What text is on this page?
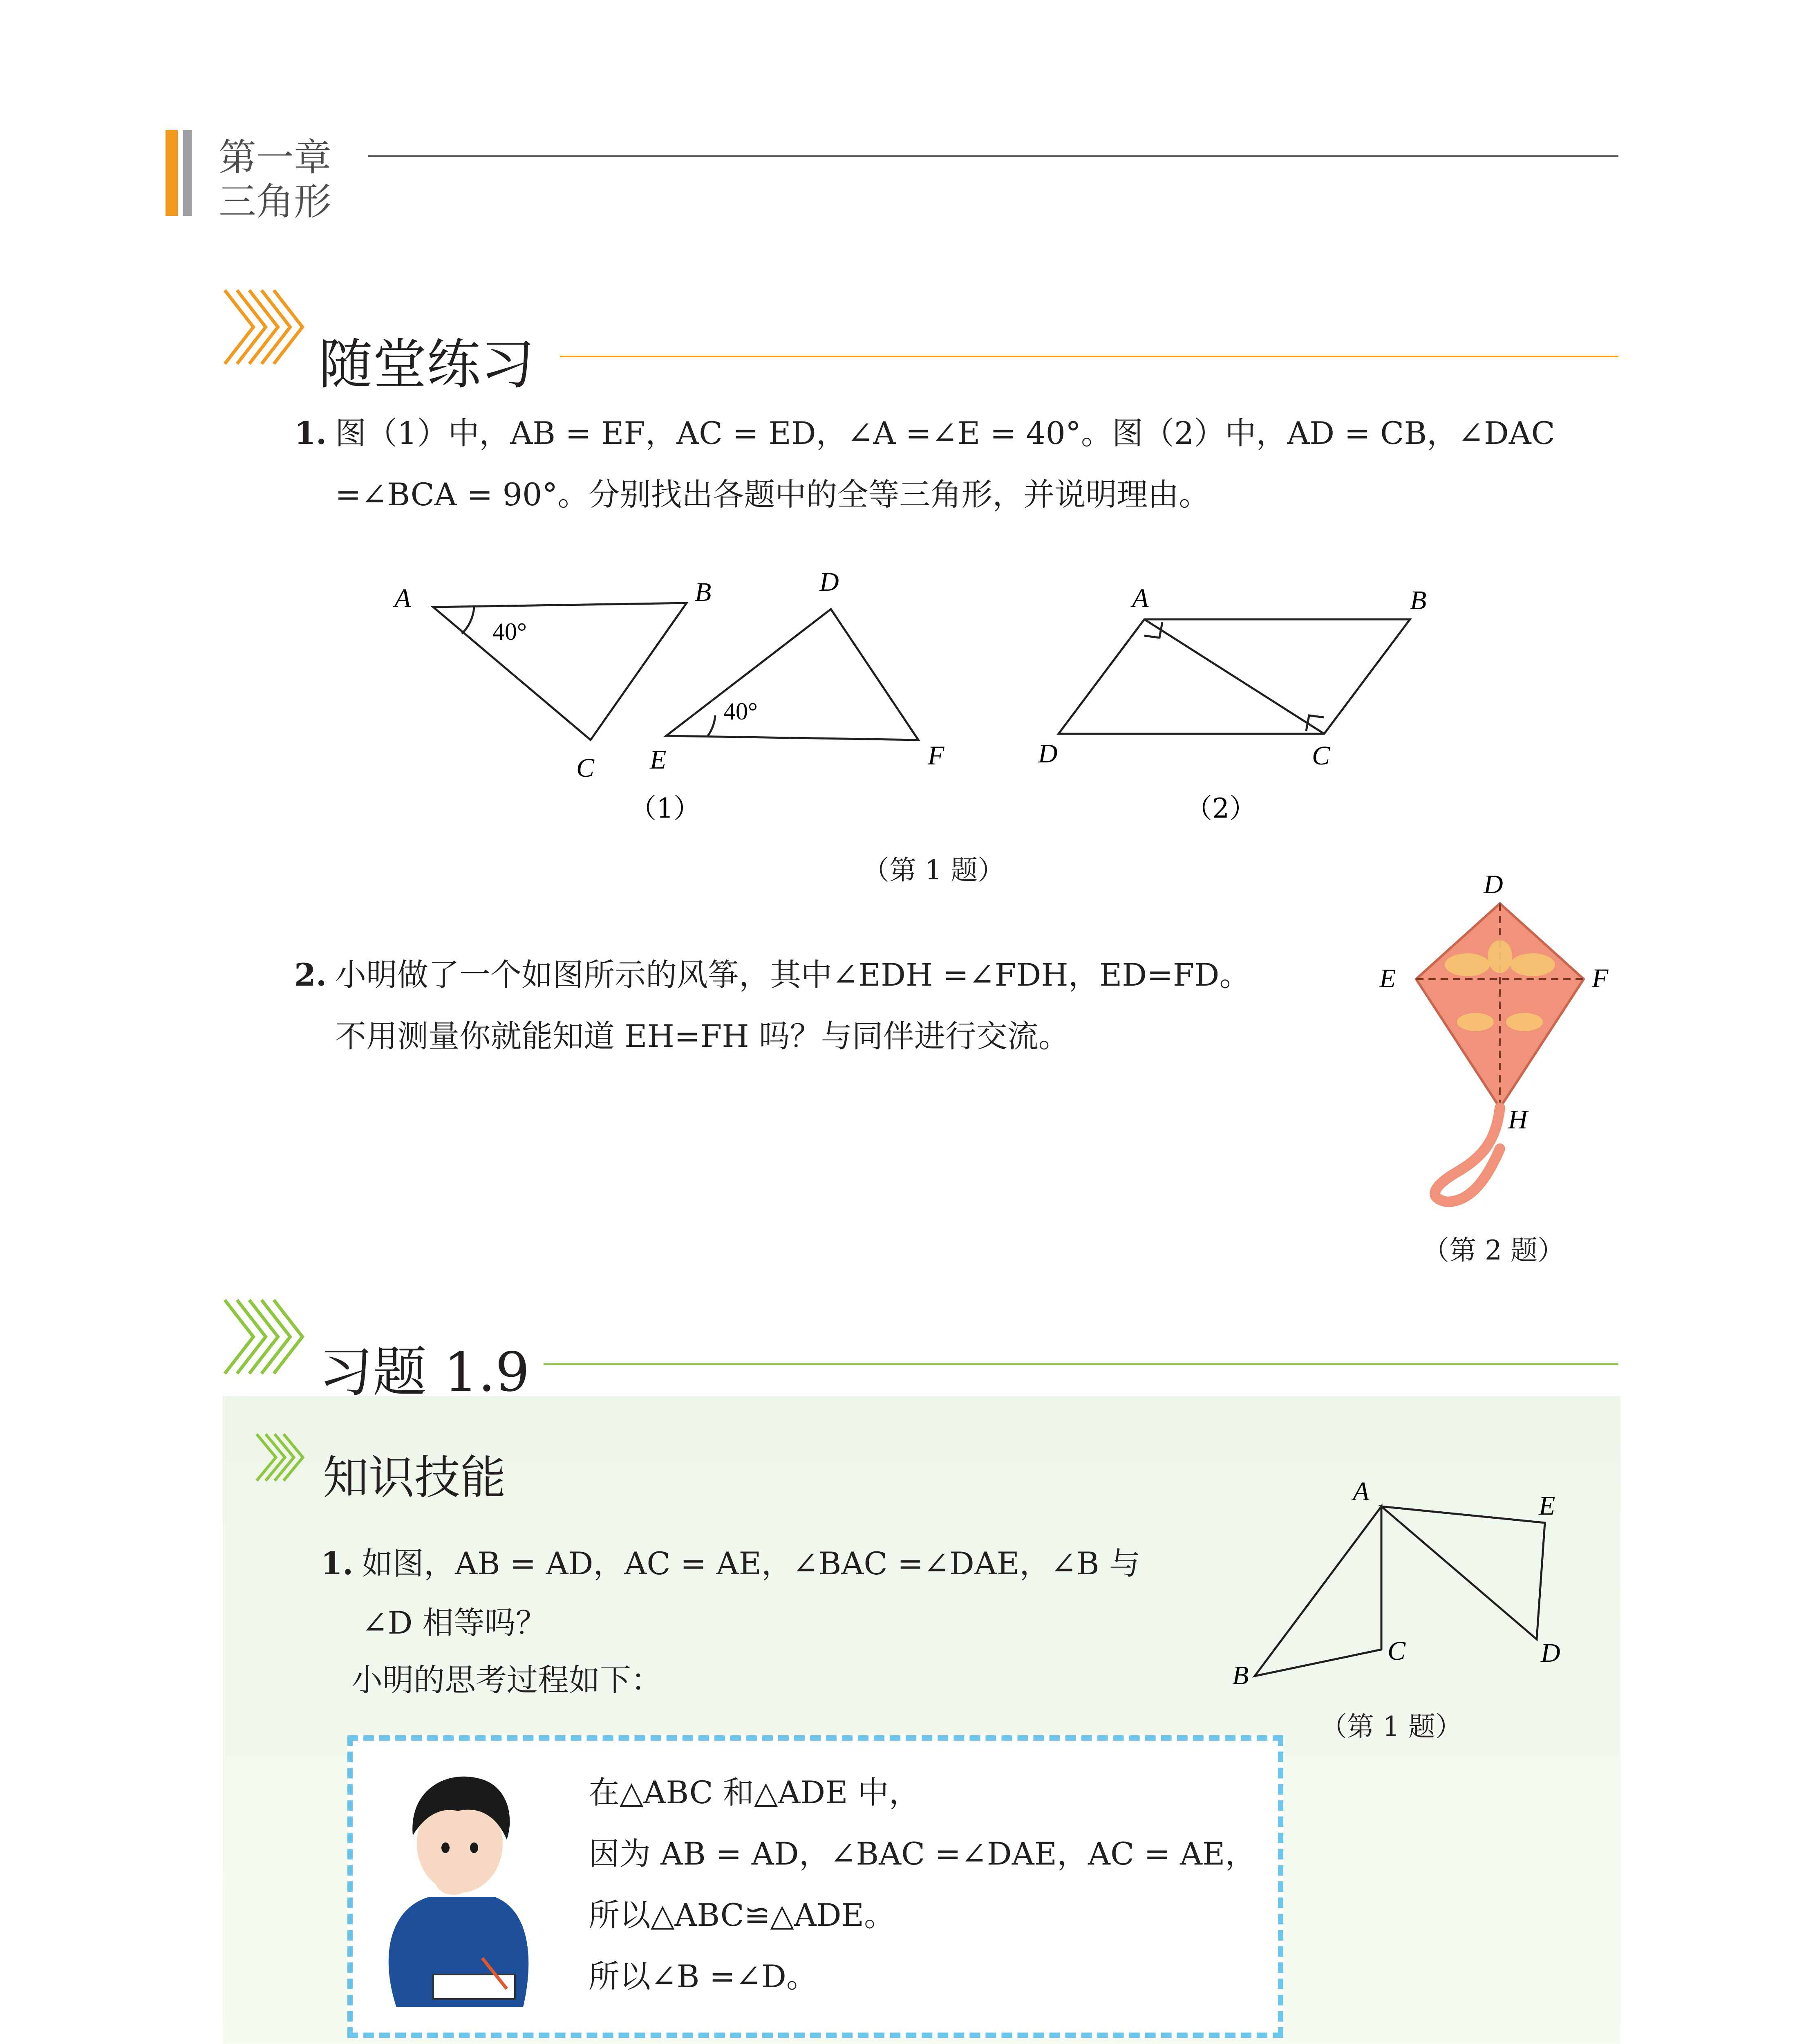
第一章
三角形
随堂练习
1. 图（1）中，AB = EF，AC = ED，∠A =∠E = 40°。图（2）中，AD = CB，∠DAC
=∠BCA = 90°。分别找出各题中的全等三角形，并说明理由。
A	B
C
D
E	F
40°
40°
（1）
A	B
C
D
（2）
（第 1 题）
2. 小明做了一个如图所示的风筝，其中∠EDH =∠FDH，ED=FD。
不用测量你就能知道 EH=FH 吗？与同伴进行交流。
D
E	F
H
（第 2 题）
习题 1.9
知识技能
1. 如图，AB = AD，AC = AE，∠BAC =∠DAE，∠B 与
∠D 相等吗？
小明的思考过程如下：
A	E
C
B
D
（第 1 题）
在△ABC 和△ADE 中，
因为 AB = AD，∠BAC =∠DAE，AC = AE，
所以△ABC≌△ADE。
所以∠B =∠D。
